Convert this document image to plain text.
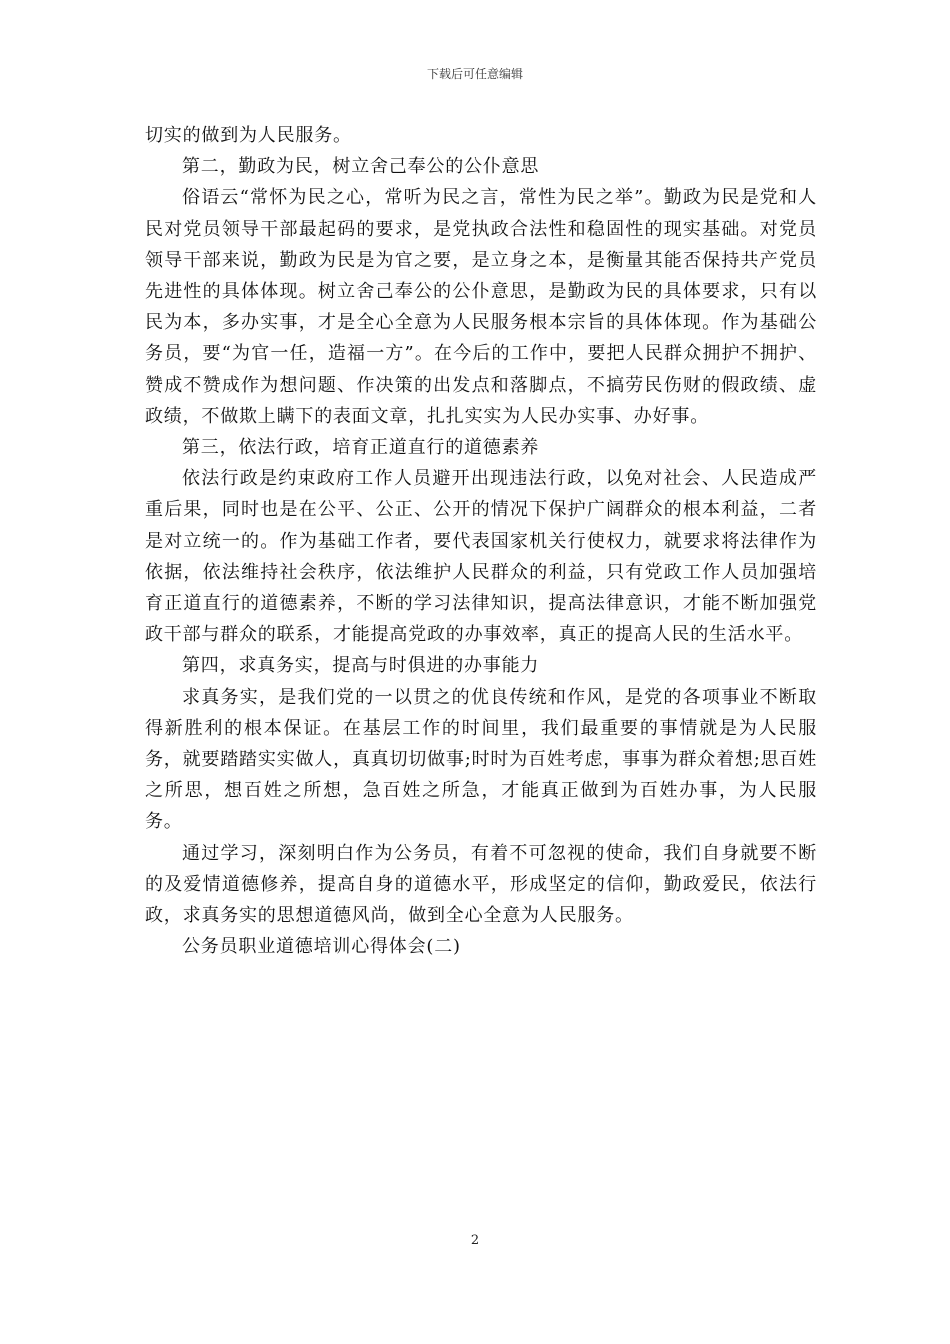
下载后可任意编辑

切实的做到为人民服务。

第二，勤政为民，树立舍己奉公的公仆意思

俗语云“常怀为民之心，常听为民之言，常性为民之举”。勤政为民是党和人民对党员领导干部最起码的要求，是党执政合法性和稳固性的现实基础。对党员领导干部来说，勤政为民是为官之要，是立身之本，是衡量其能否保持共产党员先进性的具体体现。树立舍己奉公的公仆意思，是勤政为民的具体要求，只有以民为本，多办实事，才是全心全意为人民服务根本宗旨的具体体现。作为基础公务员，要“为官一任，造福一方”。在今后的工作中，要把人民群众拥护不拥护、赞成不赞成作为想问题、作决策的出发点和落脚点，不搞劳民伤财的假政绩、虚政绩，不做欺上瞒下的表面文章，扎扎实实为人民办实事、办好事。

第三，依法行政，培育正道直行的道德素养

依法行政是约束政府工作人员避开出现违法行政，以免对社会、人民造成严重后果，同时也是在公平、公正、公开的情况下保护广阔群众的根本利益，二者是对立统一的。作为基础工作者，要代表国家机关行使权力，就要求将法律作为依据，依法维持社会秩序，依法维护人民群众的利益，只有党政工作人员加强培育正道直行的道德素养，不断的学习法律知识，提高法律意识，才能不断加强党政干部与群众的联系，才能提高党政的办事效率，真正的提高人民的生活水平。

第四，求真务实，提高与时俱进的办事能力

求真务实，是我们党的一以贯之的优良传统和作风，是党的各项事业不断取得新胜利的根本保证。在基层工作的时间里，我们最重要的事情就是为人民服务，就要踏踏实实做人，真真切切做事;时时为百姓考虑，事事为群众着想;思百姓之所思，想百姓之所想，急百姓之所急，才能真正做到为百姓办事，为人民服务。

通过学习，深刻明白作为公务员，有着不可忽视的使命，我们自身就要不断的及爱情道德修养，提高自身的道德水平，形成坚定的信仰，勤政爱民，依法行政，求真务实的思想道德风尚，做到全心全意为人民服务。

公务员职业道德培训心得体会(二)

2
